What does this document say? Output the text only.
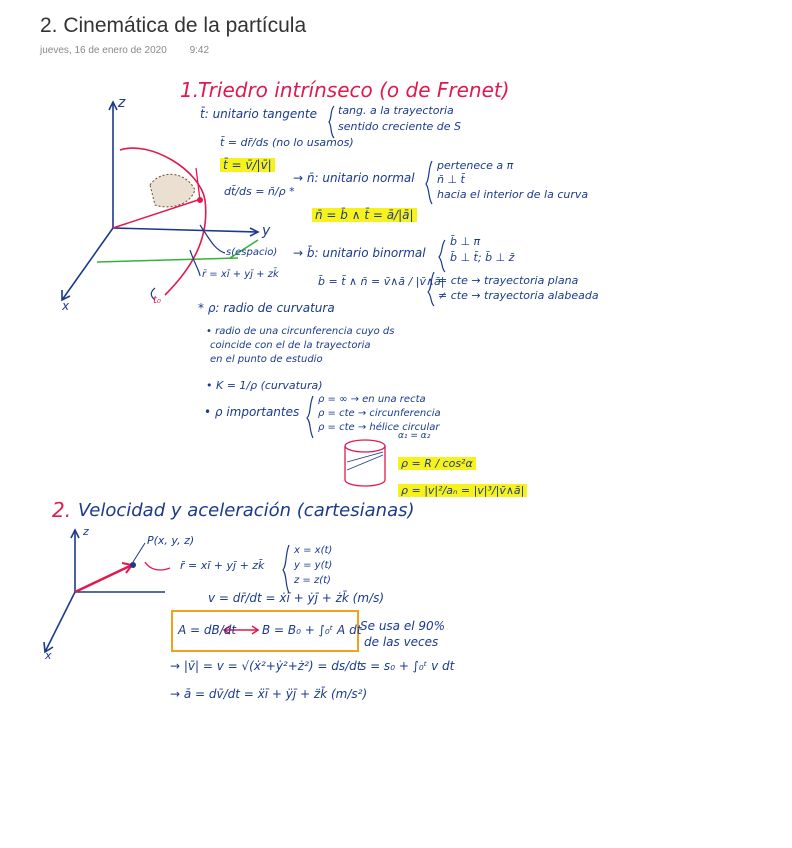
2. Cinemática de la partícula
jueves, 16 de enero de 2020 9:42
1.
Triedro intrínseco (o de Frenet)
t̄: unitario tangente tang. a la trayectoria
sentido creciente de S
t̄ = dr̄/ds (no lo usamos)
t̄ = v̄/|v̄|
dt̄/ds = n̄/ρ *
→ n̄: unitario normal
pertenece a π
n̄ ⊥ t̄
hacia el interior de la curva
n̄ = b̄ ∧ t̄ = ā/|ā|
→ b̄: unitario binormal
b̄ ⊥ π
b̄ ⊥ t̄; b̄ ⊥ z̄
b̄ = t̄ ∧ n̄ = v̄∧ā / |v̄∧ā|
= cte → trayectoria plana
≠ cte → trayectoria alabeada
s(espacio)
r̄ = xī + yj̄ + zk̄
t₀
z
y
x	* ρ: radio de curvatura
• radio de una circunferencia cuyo ds
coincide con el de la trayectoria
en el punto de estudio
• K = 1/ρ (curvatura)
• ρ importantes
ρ = ∞ → en una recta
ρ = cte → circunferencia
ρ = cte → hélice circular
α₁ = α₂
ρ = R / cos²α
ρ = |v|²/aₙ = |v|³/|v̄∧ā|
2. Velocidad y aceleración (cartesianas)
P(x, y, z)
r̄ = xī + yj̄ + zk̄
x = x(t)
y = y(t)
z = z(t)
v = dr̄/dt = ẋī + ẏj̄ + żk̄ (m/s)
A = dB/dt B = B₀ + ∫₀ᵗ A dt
Se usa el 90%
de las veces
→ |v̄| = v = √(ẋ²+ẏ²+ż²) = ds/dt
s = s₀ + ∫₀ᵗ v dt
→ ā = dv̄/dt = ẍī + ÿj̄ + z̈k̄ (m/s²)
z
x
